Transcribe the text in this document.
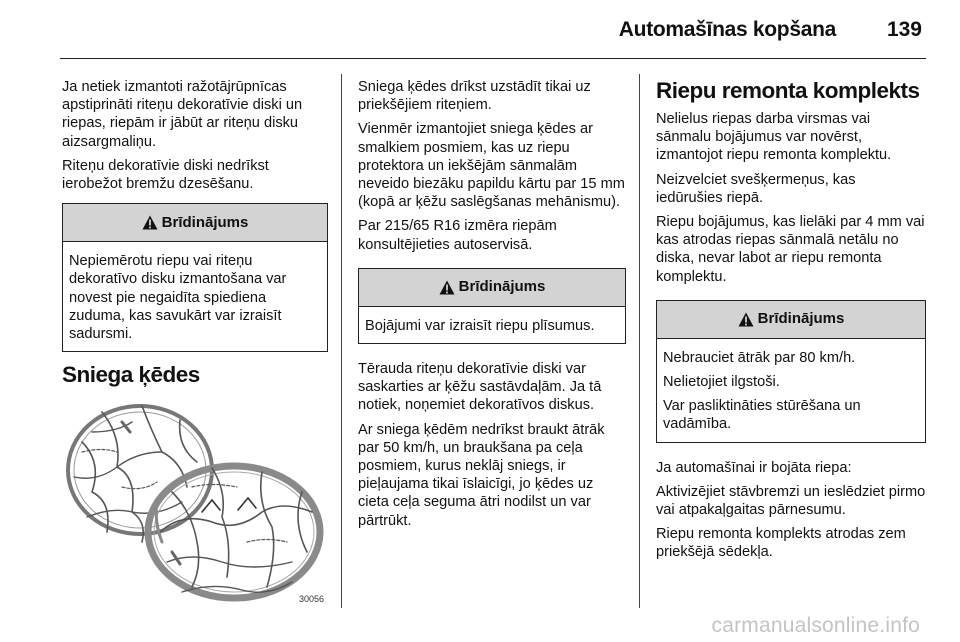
Automašīnas kopšana 139

Ja netiek izmantoti ražotājrūpnīcas apstiprināti riteņu dekoratīvie diski un riepas, riepām ir jābūt ar riteņu disku aizsargmaliņu.

Riteņu dekoratīvie diski nedrīkst ierobežot bremžu dzesēšanu.

Brīdinājums

Nepiemērotu riepu vai riteņu dekoratīvo disku izmantošana var novest pie negaidīta spiediena zuduma, kas savukārt var izraisīt sadursmi.

Sniega ķēdes
30056

Sniega ķēdes drīkst uzstādīt tikai uz priekšējiem riteņiem.

Vienmēr izmantojiet sniega ķēdes ar smalkiem posmiem, kas uz riepu protektora un iekšējām sānmalām neveido biezāku papildu kārtu par 15 mm (kopā ar ķēžu saslēgšanas mehānismu).

Par 215/65 R16 izmēra riepām konsultējieties autoservisā.

Brīdinājums

Bojājumi var izraisīt riepu plīsumus.

Tērauda riteņu dekoratīvie diski var saskarties ar ķēžu sastāvdaļām. Ja tā notiek, noņemiet dekoratīvos diskus.

Ar sniega ķēdēm nedrīkst braukt ātrāk par 50 km/h, un braukšana pa ceļa posmiem, kurus neklāj sniegs, ir pieļaujama tikai īslaicīgi, jo ķēdes uz cieta ceļa seguma ātri nodilst un var pārtrūkt.

Riepu remonta komplekts

Nelielus riepas darba virsmas vai sānmalu bojājumus var novērst, izmantojot riepu remonta komplektu.

Neizvelciet svešķermeņus, kas iedūrušies riepā.

Riepu bojājumus, kas lielāki par 4 mm vai kas atrodas riepas sānmalā netālu no diska, nevar labot ar riepu remonta komplektu.

Brīdinājums

Nebrauciet ātrāk par 80 km/h.

Nelietojiet ilgstoši.

Var pasliktināties stūrēšana un vadāmība.

Ja automašīnai ir bojāta riepa:

Aktivizējiet stāvbremzi un ieslēdziet pirmo vai atpakaļgaitas pārnesumu.

Riepu remonta komplekts atrodas zem priekšējā sēdekļa.

carmanualsonline.info
